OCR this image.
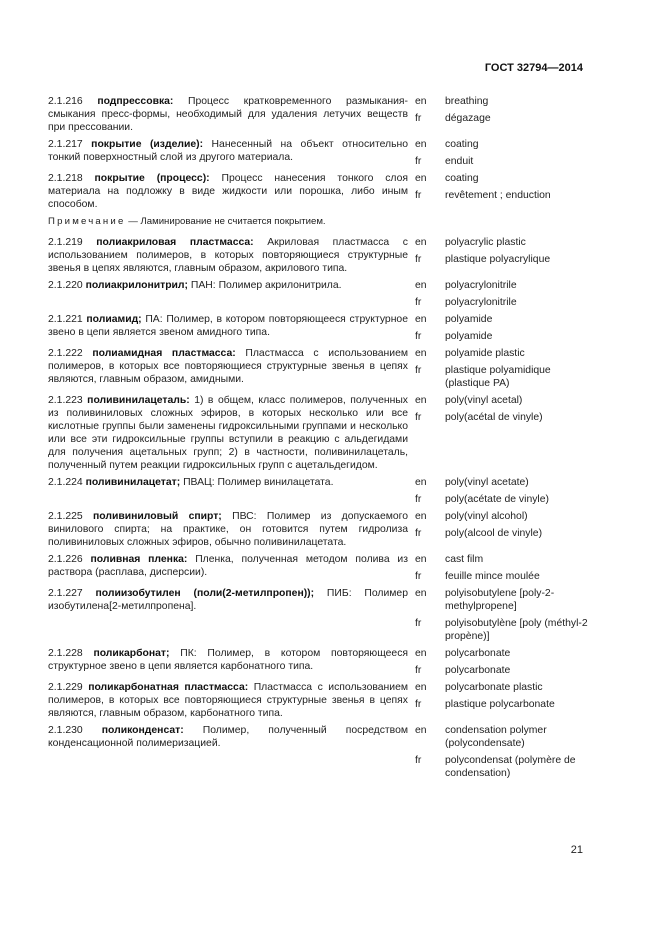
ГОСТ 32794—2014
2.1.216 подпрессовка: Процесс кратковременного размыкания-смыкания пресс-формы, необходимый для удаления летучих веществ при прессовании.
en	breathing
fr	dégazage
2.1.217 покрытие (изделие): Нанесенный на объект относительно тонкий поверхностный слой из другого материала.
en	coating
fr	enduit
2.1.218 покрытие (процесс): Процесс нанесения тонкого слоя материала на подложку в виде жидкости или порошка, либо иным способом.
en	coating
fr	revêtement ; enduction
Примечание — Ламинирование не считается покрытием.
2.1.219 полиакриловая пластмасса: Акриловая пластмасса с использованием полимеров, в которых повторяющиеся структурные звенья в цепях являются, главным образом, акрилового типа.
en	polyacrylic plastic
fr	plastique polyacrylique
2.1.220 полиакрилонитрил; ПАН: Полимер акрилонитрила.	en	polyacrylonitrile
fr	polyacrylonitrile
2.1.221 полиамид; ПА: Полимер, в котором повторяющееся структурное звено в цепи является звеном амидного типа.
en	polyamide
fr	polyamide
2.1.222 полиамидная пластмасса: Пластмасса с использованием полимеров, в которых все повторяющиеся структурные звенья в цепях являются, главным образом, амидными.
en	polyamide plastic
fr	plastique polyamidique (plastique PA)
2.1.223 поливинилацеталь: 1) в общем, класс полимеров, полученных из поливиниловых сложных эфиров, в которых несколько или все кислотные группы были заменены гидроксильными группами и несколько или все эти гидроксильные группы вступили в реакцию с альдегидами для получения ацетальных групп; 2) в частности, поливинилацеталь, полученный путем реакции гидроксильных групп с ацетальдегидом.
en	poly(vinyl acetal)
fr	poly(acétal de vinyle)
2.1.224 поливинилацетат; ПВАЦ: Полимер винилацетата.	en	poly(vinyl acetate)
fr	poly(acétate de vinyle)
2.1.225 поливиниловый спирт; ПВС: Полимер из допускаемого винилового спирта; на практике, он готовится путем гидролиза поливиниловых сложных эфиров, обычно поливинилацетата.
en	poly(vinyl alcohol)
fr	poly(alcool de vinyle)
2.1.226 поливная пленка: Пленка, полученная методом полива из раствора (расплава, дисперсии).
en	cast film
fr	feuille mince moulée
2.1.227 полиизобутилен (поли(2-метилпропен)); ПИБ: Полимер изобутилена[2-метилпропена].
en	polyisobutylene [poly-2-methylpropene]
fr	polyisobutylène [poly (méthyl-2 propène)]
2.1.228 поликарбонат; ПК: Полимер, в котором повторяющееся структурное звено в цепи является карбонатного типа.
en	polycarbonate
fr	polycarbonate
2.1.229 поликарбонатная пластмасса: Пластмасса с использованием полимеров, в которых все повторяющиеся структурные звенья в цепях являются, главным образом, карбонатного типа.
en	polycarbonate plastic
fr	plastique polycarbonate
2.1.230 поликонденсат: Полимер, полученный посредством конденсационной полимеризацией.
en	condensation polymer (polycondensate)
fr	polycondensat (polymère de condensation)
21
